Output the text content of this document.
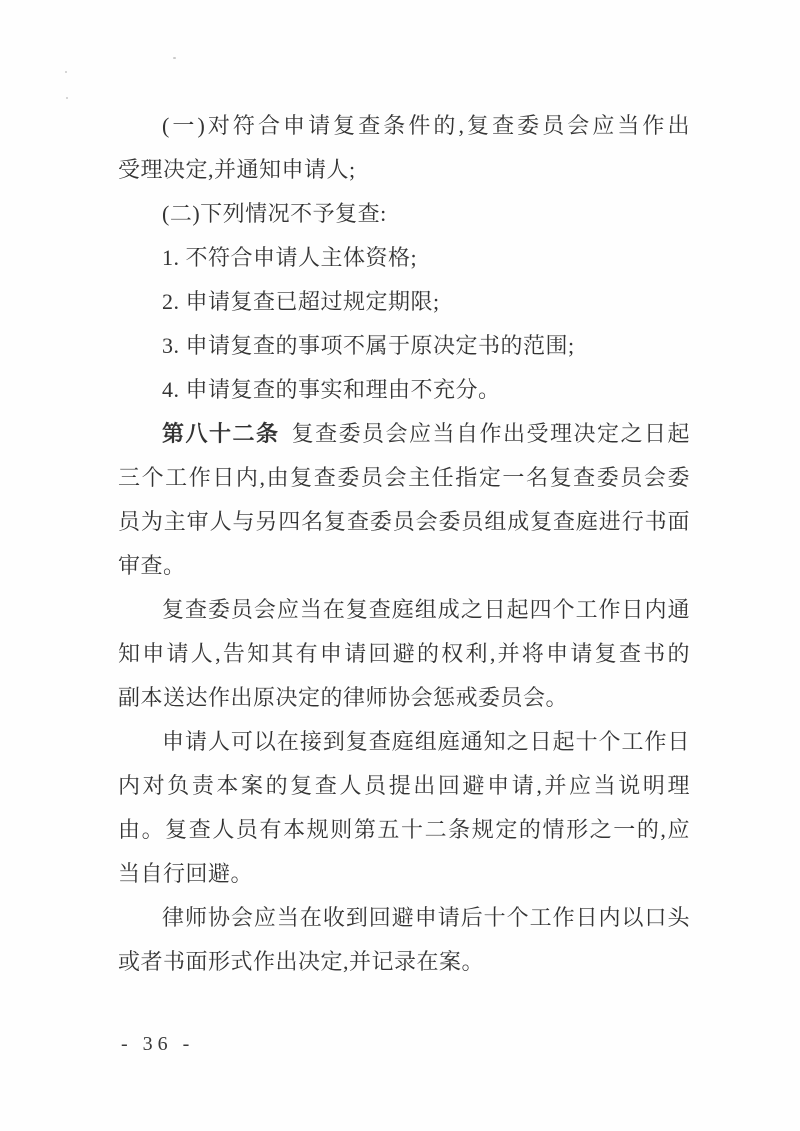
(一)对符合申请复查条件的,复查委员会应当作出
受理决定,并通知申请人;
(二)下列情况不予复查:
1. 不符合申请人主体资格;
2. 申请复查已超过规定期限;
3. 申请复查的事项不属于原决定书的范围;
4. 申请复查的事实和理由不充分。
第八十二条 复查委员会应当自作出受理决定之日起
三个工作日内,由复查委员会主任指定一名复查委员会委
员为主审人与另四名复查委员会委员组成复查庭进行书面
审查。
复查委员会应当在复查庭组成之日起四个工作日内通
知申请人,告知其有申请回避的权利,并将申请复查书的
副本送达作出原决定的律师协会惩戒委员会。
申请人可以在接到复查庭组庭通知之日起十个工作日
内对负责本案的复查人员提出回避申请,并应当说明理
由。复查人员有本规则第五十二条规定的情形之一的,应
当自行回避。
律师协会应当在收到回避申请后十个工作日内以口头
或者书面形式作出决定,并记录在案。
- 36 -
